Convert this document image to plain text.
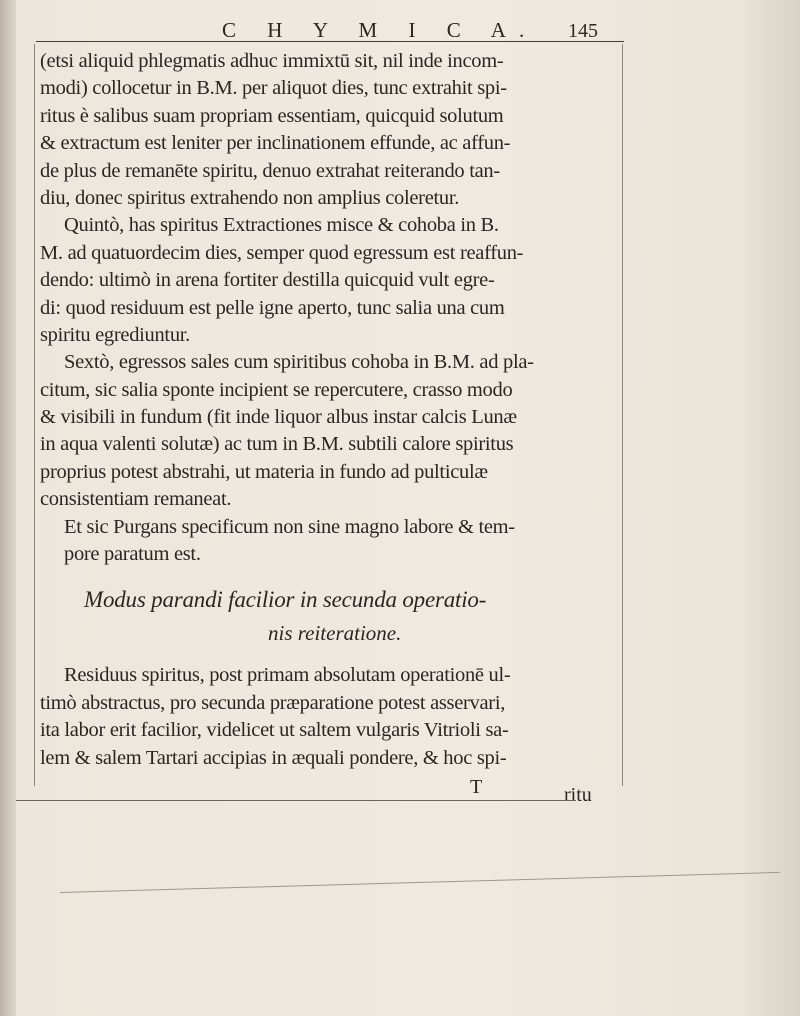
C H Y M I C A. 145
(etsi aliquid phlegmatis adhuc immixtū sit, nil inde incom-
modi) collocetur in B.M. per aliquot dies, tunc extrahit spi-
ritus è salibus suam propriam essentiam, quicquid solutum
& extractum est leniter per inclinationem effunde, ac affun-
de plus de remanēte spiritu, denuo extrahat reiterando tan-
diu, donec spiritus extrahendo non amplius coleretur.
Quintò, has spiritus Extractiones misce & cohoba in B.
M. ad quatuordecim dies, semper quod egressum est reaffun-
dendo: ultimò in arena fortiter destilla quicquid vult egre-
di: quod residuum est pelle igne aperto, tunc salia una cum
spiritu egrediuntur.
Sextò, egressos sales cum spiritibus cohoba in B.M. ad pla-
citum, sic salia sponte incipient se repercutere, crasso modo
& visibili in fundum (fit inde liquor albus instar calcis Lunæ
in aqua valenti solutæ) ac tum in B.M. subtili calore spiritus
proprius potest abstrahi, ut materia in fundo ad pulticulæ
consistentiam remaneat.
Et sic Purgans specificum non sine magno labore & tem-
pore paratum est.
Modus parandi facilior in secunda operatio-
nis reiteratione.
Residuus spiritus, post primam absolutam operationē ul-
timò abstractus, pro secunda præparatione potest asservari,
ita labor erit facilior, videlicet ut saltem vulgaris Vitrioli sa-
lem & salem Tartari accipias in æquali pondere, & hoc spi-
T	ritu
